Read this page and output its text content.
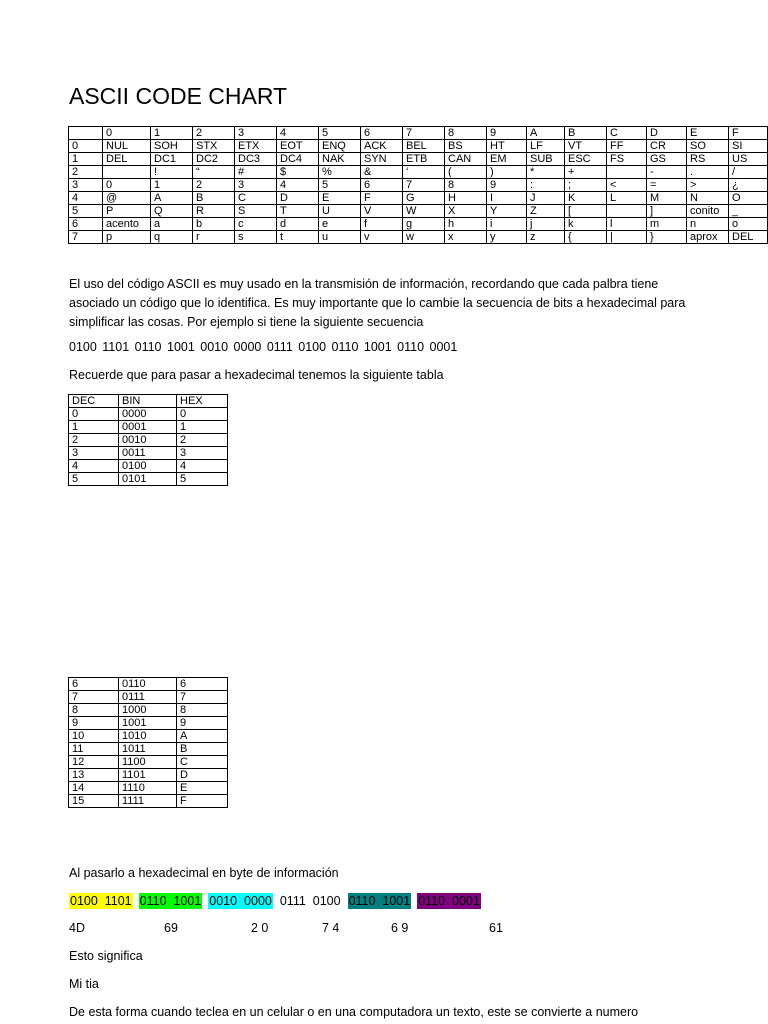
ASCII CODE CHART
	0	1	2	3	4	5	6	7	8	9	A	B	C	D	E	F
0	NUL	SOH	STX	ETX	EOT	ENQ	ACK	BEL	BS	HT	LF	VT	FF	CR	SO	SI
1	DEL	DC1	DC2	DC3	DC4	NAK	SYN	ETB	CAN	EM	SUB	ESC	FS	GS	RS	US
2		!	“	#	$	%	&	‘	(	)	*	+		-	.	/
3	0	1	2	3	4	5	6	7	8	9	:	;	<	=	>	¿
4	@	A	B	C	D	E	F	G	H	I	J	K	L	M	N	O
5	P	Q	R	S	T	U	V	W	X	Y	Z	[		]	conito	_
6	acento	a	b	c	d	e	f	g	h	i	j	k	l	m	n	o
7	p	q	r	s	t	u	v	w	x	y	z	{	|	}	aprox	DEL
El uso del código ASCII es muy usado en la transmisión de información, recordando que cada palbra tiene asociado un código que lo identifica. Es muy importante que lo cambie la secuencia de bits a hexadecimal para simplificar las cosas. Por ejemplo si tiene la siguiente secuencia
0100 1101 0110 1001 0010 0000 0111 0100 0110 1001 0110 0001
Recuerde que para pasar a hexadecimal tenemos la siguiente tabla
DEC	BIN	HEX
0	0000	0
1	0001	1
2	0010	2
3	0011	3
4	0100	4
5	0101	5
6	0110	6
7	0111	7
8	1000	8
9	1001	9
10	1010	A
11	1011	B
12	1100	C
13	1101	D
14	1110	E
15	1111	F
Al pasarlo a hexadecimal en byte de información
0100  1101 0110  1001 0010  0000 0111  0100 0110  1001 0110  0001
4D	69	2 0	7 4	6 9	61
Esto significa
Mi tia
De esta forma cuando teclea en un celular o en una computadora un texto, este se convierte a numero
